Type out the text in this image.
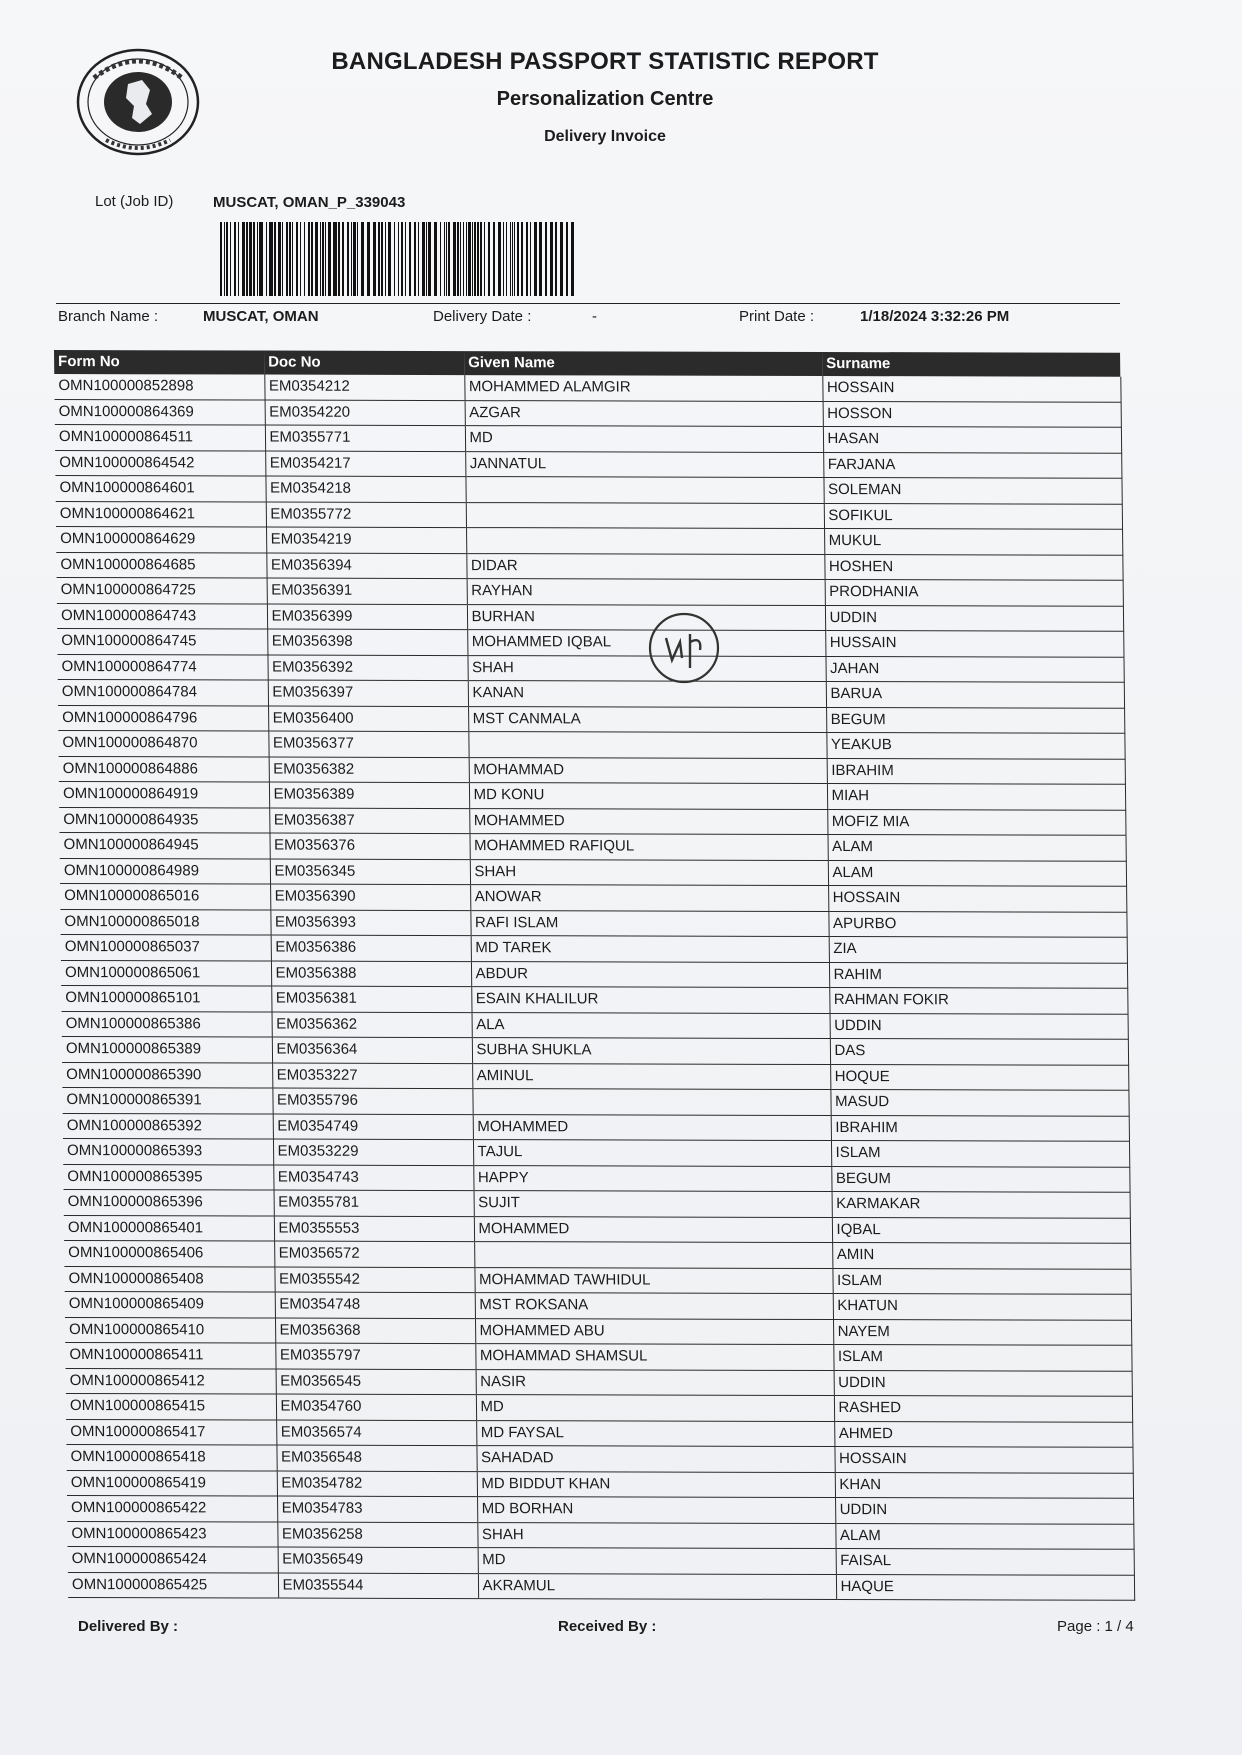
BANGLADESH PASSPORT STATISTIC REPORT
Personalization Centre
Delivery Invoice
Lot (Job ID)	MUSCAT, OMAN_P_339043
Branch Name :	MUSCAT, OMAN	Delivery Date :	-	Print Date :	1/18/2024 3:32:26 PM
Form No	Doc No	Given Name	Surname
OMN100000852898	EM0354212	MOHAMMED ALAMGIR	HOSSAIN
OMN100000864369	EM0354220	AZGAR	HOSSON
OMN100000864511	EM0355771	MD	HASAN
OMN100000864542	EM0354217	JANNATUL	FARJANA
OMN100000864601	EM0354218		SOLEMAN
OMN100000864621	EM0355772		SOFIKUL
OMN100000864629	EM0354219		MUKUL
OMN100000864685	EM0356394	DIDAR	HOSHEN
OMN100000864725	EM0356391	RAYHAN	PRODHANIA
OMN100000864743	EM0356399	BURHAN	UDDIN
OMN100000864745	EM0356398	MOHAMMED IQBAL	HUSSAIN
OMN100000864774	EM0356392	SHAH	JAHAN
OMN100000864784	EM0356397	KANAN	BARUA
OMN100000864796	EM0356400	MST CANMALA	BEGUM
OMN100000864870	EM0356377		YEAKUB
OMN100000864886	EM0356382	MOHAMMAD	IBRAHIM
OMN100000864919	EM0356389	MD KONU	MIAH
OMN100000864935	EM0356387	MOHAMMED	MOFIZ MIA
OMN100000864945	EM0356376	MOHAMMED RAFIQUL	ALAM
OMN100000864989	EM0356345	SHAH	ALAM
OMN100000865016	EM0356390	ANOWAR	HOSSAIN
OMN100000865018	EM0356393	RAFI ISLAM	APURBO
OMN100000865037	EM0356386	MD TAREK	ZIA
OMN100000865061	EM0356388	ABDUR	RAHIM
OMN100000865101	EM0356381	ESAIN KHALILUR	RAHMAN FOKIR
OMN100000865386	EM0356362	ALA	UDDIN
OMN100000865389	EM0356364	SUBHA SHUKLA	DAS
OMN100000865390	EM0353227	AMINUL	HOQUE
OMN100000865391	EM0355796		MASUD
OMN100000865392	EM0354749	MOHAMMED	IBRAHIM
OMN100000865393	EM0353229	TAJUL	ISLAM
OMN100000865395	EM0354743	HAPPY	BEGUM
OMN100000865396	EM0355781	SUJIT	KARMAKAR
OMN100000865401	EM0355553	MOHAMMED	IQBAL
OMN100000865406	EM0356572		AMIN
OMN100000865408	EM0355542	MOHAMMAD TAWHIDUL	ISLAM
OMN100000865409	EM0354748	MST ROKSANA	KHATUN
OMN100000865410	EM0356368	MOHAMMED ABU	NAYEM
OMN100000865411	EM0355797	MOHAMMAD SHAMSUL	ISLAM
OMN100000865412	EM0356545	NASIR	UDDIN
OMN100000865415	EM0354760	MD	RASHED
OMN100000865417	EM0356574	MD FAYSAL	AHMED
OMN100000865418	EM0356548	SAHADAD	HOSSAIN
OMN100000865419	EM0354782	MD BIDDUT KHAN	KHAN
OMN100000865422	EM0354783	MD BORHAN	UDDIN
OMN100000865423	EM0356258	SHAH	ALAM
OMN100000865424	EM0356549	MD	FAISAL
OMN100000865425	EM0355544	AKRAMUL	HAQUE
Delivered By :	Received By :	Page : 1 / 4
